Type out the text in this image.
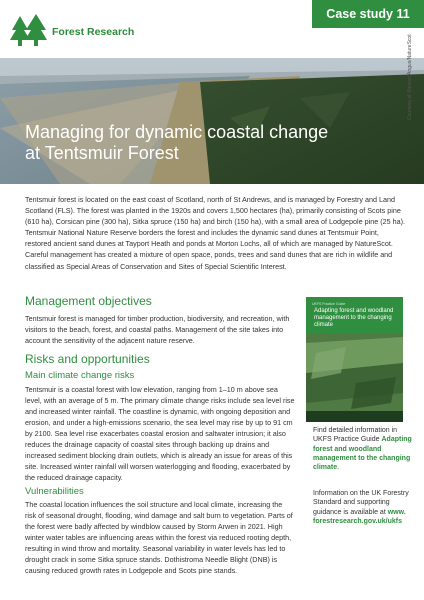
Forest Research
Case study 11
Managing for dynamic coastal change
at Tentsmuir Forest
Courtesy of Stewart Angus/NatureScot
Tentsmuir forest is located on the east coast of Scotland, north of St Andrews, and is managed by Forestry and Land Scotland (FLS). The forest was planted in the 1920s and covers 1,500 hectares (ha), primarily consisting of Scots pine (610 ha), Corsican pine (300 ha), Sitka spruce (150 ha) and birch (150 ha), with a small area of Lodgepole pine (25 ha). Tentsmuir National Nature Reserve borders the forest and includes the dynamic sand dunes at Tentsmuir Point, restored ancient sand dunes at Tayport Heath and ponds at Morton Lochs, all of which are managed by NatureScot. Careful management has created a mixture of open space, ponds, trees and sand dunes that are rich in wildlife and classified as Special Areas of Conservation and Sites of Special Scientific Interest.
Management objectives
Tentsmuir forest is managed for timber production, biodiversity, and recreation, with visitors to the beach, forest, and coastal paths. Management of the site takes into account the sensitivity of the adjacent nature reserve.
Risks and opportunities
Main climate change risks
Tentsmuir is a coastal forest with low elevation, ranging from 1–10 m above sea level, with an average of 5 m. The primary climate change risks include sea level rise and increased winter rainfall. The coastline is dynamic, with ongoing deposition and erosion, and under a high-emissions scenario, the sea level may rise by up to 91 cm by 2100. Sea level rise exacerbates coastal erosion and saltwater intrusion; it also reduces the drainage capacity of coastal sites through backing up drains and increased sediment blocking drain outlets, which is already an issue for areas of this site. Increased winter rainfall will worsen waterlogging and flooding, exacerbated by the reduced drainage capacity.
Vulnerabilities
The coastal location influences the soil structure and local climate, increasing the risk of seasonal drought, flooding, wind damage and salt burn to vegetation. Parts of the forest were badly affected by windblow caused by Storm Arwen in 2021. High winter water tables are influencing areas within the forest via reduced rooting depth, resulting in wind throw and mortality. Seasonal variability in water levels has led to drought crack in some Sitka spruce stands. Dothistroma Needle Blight (DNB) is causing reduced growth rates in Lodgepole and Scots pine stands.
UKFS Practice Guide
Adapting forest and woodland management to the changing climate
Find detailed information in UKFS Practice Guide Adapting forest and woodland management to the changing climate.
Information on the UK Forestry Standard and supporting guidance is available at www. forestresearch.gov.uk/ukfs
